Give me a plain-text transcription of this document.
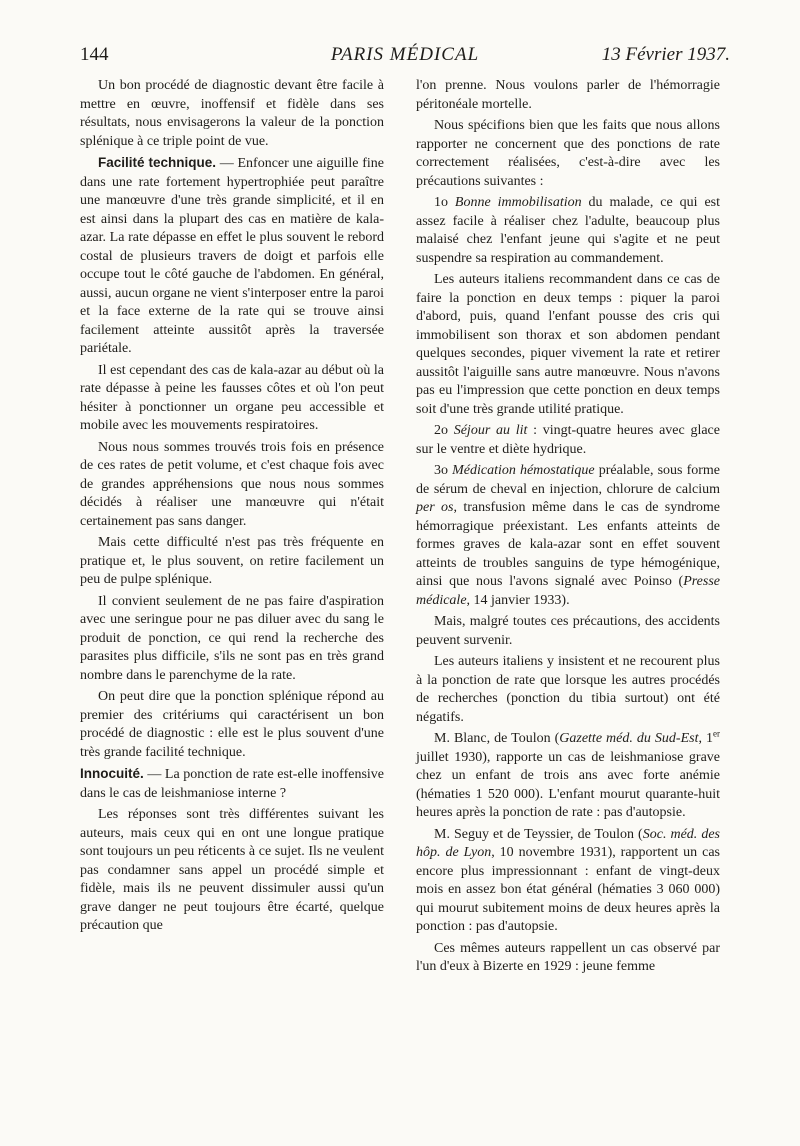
144	PARIS MÉDICAL	13 Février 1937.

Un bon procédé de diagnostic devant être facile à mettre en œuvre, inoffensif et fidèle dans ses résultats, nous envisagerons la valeur de la ponction splénique à ce triple point de vue.

Facilité technique. — Enfoncer une aiguille fine dans une rate fortement hypertrophiée peut paraître une manœuvre d'une très grande simplicité, et il en est ainsi dans la plupart des cas en matière de kala-azar. La rate dépasse en effet le plus souvent le rebord costal de plusieurs travers de doigt et parfois elle occupe tout le côté gauche de l'abdomen. En général, aussi, aucun organe ne vient s'interposer entre la paroi et la face externe de la rate qui se trouve ainsi facilement atteinte aussitôt après la traversée pariétale.

Il est cependant des cas de kala-azar au début où la rate dépasse à peine les fausses côtes et où l'on peut hésiter à ponctionner un organe peu accessible et mobile avec les mouvements respiratoires.

Nous nous sommes trouvés trois fois en présence de ces rates de petit volume, et c'est chaque fois avec de grandes appréhensions que nous nous sommes décidés à réaliser une manœuvre qui n'était certainement pas sans danger.

Mais cette difficulté n'est pas très fréquente en pratique et, le plus souvent, on retire facilement un peu de pulpe splénique.

Il convient seulement de ne pas faire d'aspiration avec une seringue pour ne pas diluer avec du sang le produit de ponction, ce qui rend la recherche des parasites plus difficile, s'ils ne sont pas en très grand nombre dans le parenchyme de la rate.

On peut dire que la ponction splénique répond au premier des critériums qui caractérisent un bon procédé de diagnostic : elle est le plus souvent d'une très grande facilité technique.

Innocuité. — La ponction de rate est-elle inoffensive dans le cas de leishmaniose interne ?

Les réponses sont très différentes suivant les auteurs, mais ceux qui en ont une longue pratique sont toujours un peu réticents à ce sujet. Ils ne veulent pas condamner sans appel un procédé simple et fidèle, mais ils ne peuvent dissimuler aussi qu'un grave danger ne peut toujours être écarté, quelque précaution que

l'on prenne. Nous voulons parler de l'hémorragie péritonéale mortelle.

Nous spécifions bien que les faits que nous allons rapporter ne concernent que des ponctions de rate correctement réalisées, c'est-à-dire avec les précautions suivantes :

1o Bonne immobilisation du malade, ce qui est assez facile à réaliser chez l'adulte, beaucoup plus malaisé chez l'enfant jeune qui s'agite et ne peut suspendre sa respiration au commandement.

Les auteurs italiens recommandent dans ce cas de faire la ponction en deux temps : piquer la paroi d'abord, puis, quand l'enfant pousse des cris qui immobilisent son thorax et son abdomen pendant quelques secondes, piquer vivement la rate et retirer aussitôt l'aiguille sans autre manœuvre. Nous n'avons pas eu l'impression que cette ponction en deux temps soit d'une très grande utilité pratique.

2o Séjour au lit : vingt-quatre heures avec glace sur le ventre et diète hydrique.

3o Médication hémostatique préalable, sous forme de sérum de cheval en injection, chlorure de calcium per os, transfusion même dans le cas de syndrome hémorragique préexistant. Les enfants atteints de formes graves de kala-azar sont en effet souvent atteints de troubles sanguins de type hémogénique, ainsi que nous l'avons signalé avec Poinso (Presse médicale, 14 janvier 1933).

Mais, malgré toutes ces précautions, des accidents peuvent survenir.

Les auteurs italiens y insistent et ne recourent plus à la ponction de rate que lorsque les autres procédés de recherches (ponction du tibia surtout) ont été négatifs.

M. Blanc, de Toulon (Gazette méd. du Sud-Est, 1er juillet 1930), rapporte un cas de leishmaniose grave chez un enfant de trois ans avec forte anémie (hématies 1 520 000). L'enfant mourut quarante-huit heures après la ponction de rate : pas d'autopsie.

M. Seguy et de Teyssier, de Toulon (Soc. méd. des hôp. de Lyon, 10 novembre 1931), rapportent un cas encore plus impressionnant : enfant de vingt-deux mois en assez bon état général (hématies 3 060 000) qui mourut subitement moins de deux heures après la ponction : pas d'autopsie.

Ces mêmes auteurs rappellent un cas observé par l'un d'eux à Bizerte en 1929 : jeune femme
